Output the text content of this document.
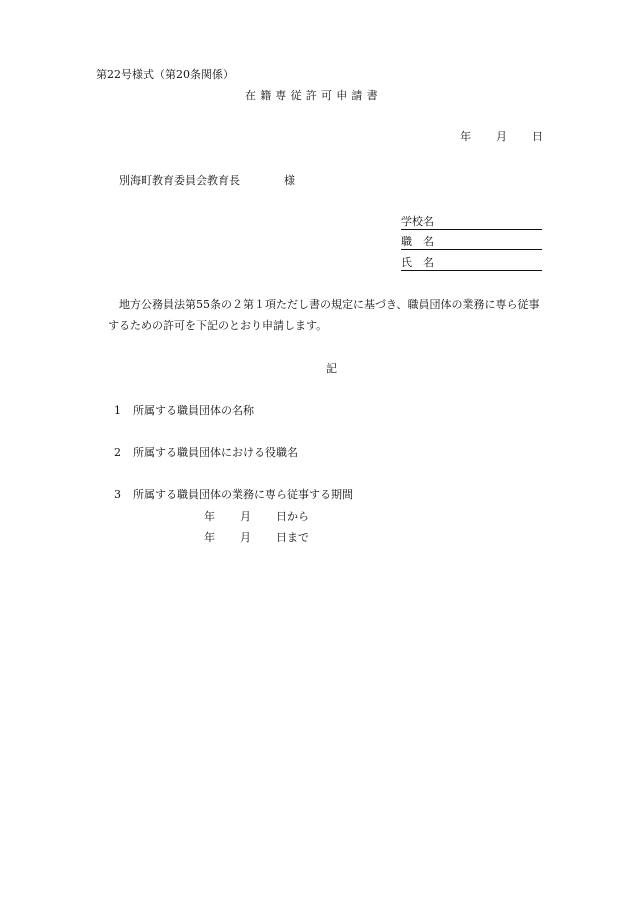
第22号様式（第20条関係）
在籍専従許可申請書
年 月 日
別海町教育委員会教育長	様
学校名
職　名
氏　名
地方公務員法第55条の２第１項ただし書の規定に基づき、職員団体の業務に専ら従事
するための許可を下記のとおり申請します。
記
1 所属する職員団体の名称
2 所属する職員団体における役職名
3 所属する職員団体の業務に専ら従事する期間
年 月 日から
年 月 日まで
